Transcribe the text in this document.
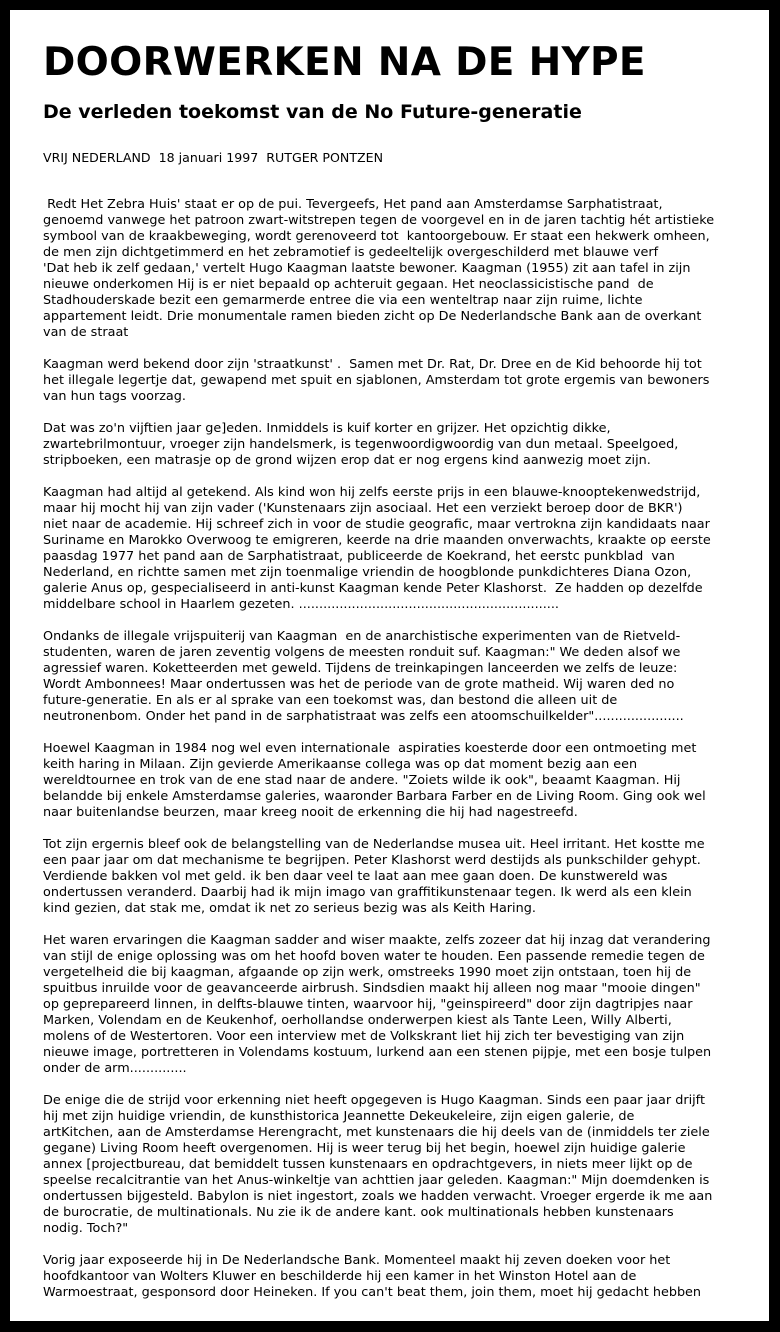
DOORWERKEN NA DE HYPE
De verleden toekomst van de No Future-generatie
VRIJ NEDERLAND  18 januari 1997  RUTGER PONTZEN

Redt Het Zebra Huis' staat er op de pui. Tevergeefs, Het pand aan Amsterdamse Sarphatistraat,
genoemd vanwege het patroon zwart-witstrepen tegen de voorgevel en in de jaren tachtig hét artistieke
symbool van de kraakbeweging, wordt gerenoveerd tot  kantoorgebouw. Er staat een hekwerk omheen,
de men zijn dichtgetimmerd en het zebramotief is gedeeltelijk overgeschilderd met blauwe verf
'Dat heb ik zelf gedaan,' vertelt Hugo Kaagman laatste bewoner. Kaagman (1955) zit aan tafel in zijn
nieuwe onderkomen Hij is er niet bepaald op achteruit gegaan. Het neoclassicistische pand  de
Stadhouderskade bezit een gemarmerde entree die via een wenteltrap naar zijn ruime, lichte
appartement leidt. Drie monumentale ramen bieden zicht op De Nederlandsche Bank aan de overkant
van de straat

Kaagman werd bekend door zijn 'straatkunst' .  Samen met Dr. Rat, Dr. Dree en de Kid behoorde hij tot
het illegale legertje dat, gewapend met spuit en sjablonen, Amsterdam tot grote ergemis van bewoners
van hun tags voorzag.

Dat was zo'n vijftien jaar ge]eden. Inmiddels is kuif korter en grijzer. Het opzichtig dikke,
zwartebrilmontuur, vroeger zijn handelsmerk, is tegenwoordigwoordig van dun metaal. Speelgoed,
stripboeken, een matrasje op de grond wijzen erop dat er nog ergens kind aanwezig moet zijn.

Kaagman had altijd al getekend. Als kind won hij zelfs eerste prijs in een blauwe-knooptekenwedstrijd,
maar hij mocht hij van zijn vader ('Kunstenaars zijn asociaal. Het een verziekt beroep door de BKR')
niet naar de academie. Hij schreef zich in voor de studie geografic, maar vertrokna zijn kandidaats naar
Suriname en Marokko Overwoog te emigreren, keerde na drie maanden onverwachts, kraakte op eerste
paasdag 1977 het pand aan de Sarphatistraat, publiceerde de Koekrand, het eerstc punkblad  van
Nederland, en richtte samen met zijn toenmalige vriendin de hoogblonde punkdichteres Diana Ozon,
galerie Anus op, gespecialiseerd in anti-kunst Kaagman kende Peter Klashorst.  Ze hadden op dezelfde
middelbare school in Haarlem gezeten. ................................................................

Ondanks de illegale vrijspuiterij van Kaagman  en de anarchistische experimenten van de Rietveld-
studenten, waren de jaren zeventig volgens de meesten ronduit suf. Kaagman:" We deden alsof we
agressief waren. Koketteerden met geweld. Tijdens de treinkapingen lanceerden we zelfs de leuze:
Wordt Ambonnees! Maar ondertussen was het de periode van de grote matheid. Wij waren ded no
future-generatie. En als er al sprake van een toekomst was, dan bestond die alleen uit de
neutronenbom. Onder het pand in de sarphatistraat was zelfs een atoomschuilkelder"......................

Hoewel Kaagman in 1984 nog wel even internationale  aspiraties koesterde door een ontmoeting met
keith haring in Milaan. Zijn gevierde Amerikaanse collega was op dat moment bezig aan een
wereldtournee en trok van de ene stad naar de andere. "Zoiets wilde ik ook", beaamt Kaagman. Hij
belandde bij enkele Amsterdamse galeries, waaronder Barbara Farber en de Living Room. Ging ook wel
naar buitenlandse beurzen, maar kreeg nooit de erkenning die hij had nagestreefd.

Tot zijn ergernis bleef ook de belangstelling van de Nederlandse musea uit. Heel irritant. Het kostte me
een paar jaar om dat mechanisme te begrijpen. Peter Klashorst werd destijds als punkschilder gehypt.
Verdiende bakken vol met geld. ik ben daar veel te laat aan mee gaan doen. De kunstwereld was
ondertussen veranderd. Daarbij had ik mijn imago van graffitikunstenaar tegen. Ik werd als een klein
kind gezien, dat stak me, omdat ik net zo serieus bezig was als Keith Haring.

Het waren ervaringen die Kaagman sadder and wiser maakte, zelfs zozeer dat hij inzag dat verandering
van stijl de enige oplossing was om het hoofd boven water te houden. Een passende remedie tegen de
vergetelheid die bij kaagman, afgaande op zijn werk, omstreeks 1990 moet zijn ontstaan, toen hij de
spuitbus inruilde voor de geavanceerde airbrush. Sindsdien maakt hij alleen nog maar "mooie dingen"
op geprepareerd linnen, in delfts-blauwe tinten, waarvoor hij, "geinspireerd" door zijn dagtripjes naar
Marken, Volendam en de Keukenhof, oerhollandse onderwerpen kiest als Tante Leen, Willy Alberti,
molens of de Westertoren. Voor een interview met de Volkskrant liet hij zich ter bevestiging van zijn
nieuwe image, portretteren in Volendams kostuum, lurkend aan een stenen pijpje, met een bosje tulpen
onder de arm..............

De enige die de strijd voor erkenning niet heeft opgegeven is Hugo Kaagman. Sinds een paar jaar drijft
hij met zijn huidige vriendin, de kunsthistorica Jeannette Dekeukeleire, zijn eigen galerie, de
artKitchen, aan de Amsterdamse Herengracht, met kunstenaars die hij deels van de (inmiddels ter ziele
gegane) Living Room heeft overgenomen. Hij is weer terug bij het begin, hoewel zijn huidige galerie
annex [projectbureau, dat bemiddelt tussen kunstenaars en opdrachtgevers, in niets meer lijkt op de
speelse recalcitrantie van het Anus-winkeltje van achttien jaar geleden. Kaagman:" Mijn doemdenken is
ondertussen bijgesteld. Babylon is niet ingestort, zoals we hadden verwacht. Vroeger ergerde ik me aan
de burocratie, de multinationals. Nu zie ik de andere kant. ook multinationals hebben kunstenaars
nodig. Toch?"

Vorig jaar exposeerde hij in De Nederlandsche Bank. Momenteel maakt hij zeven doeken voor het
hoofdkantoor van Wolters Kluwer en beschilderde hij een kamer in het Winston Hotel aan de
Warmoestraat, gesponsord door Heineken. If you can't beat them, join them, moet hij gedacht hebben
